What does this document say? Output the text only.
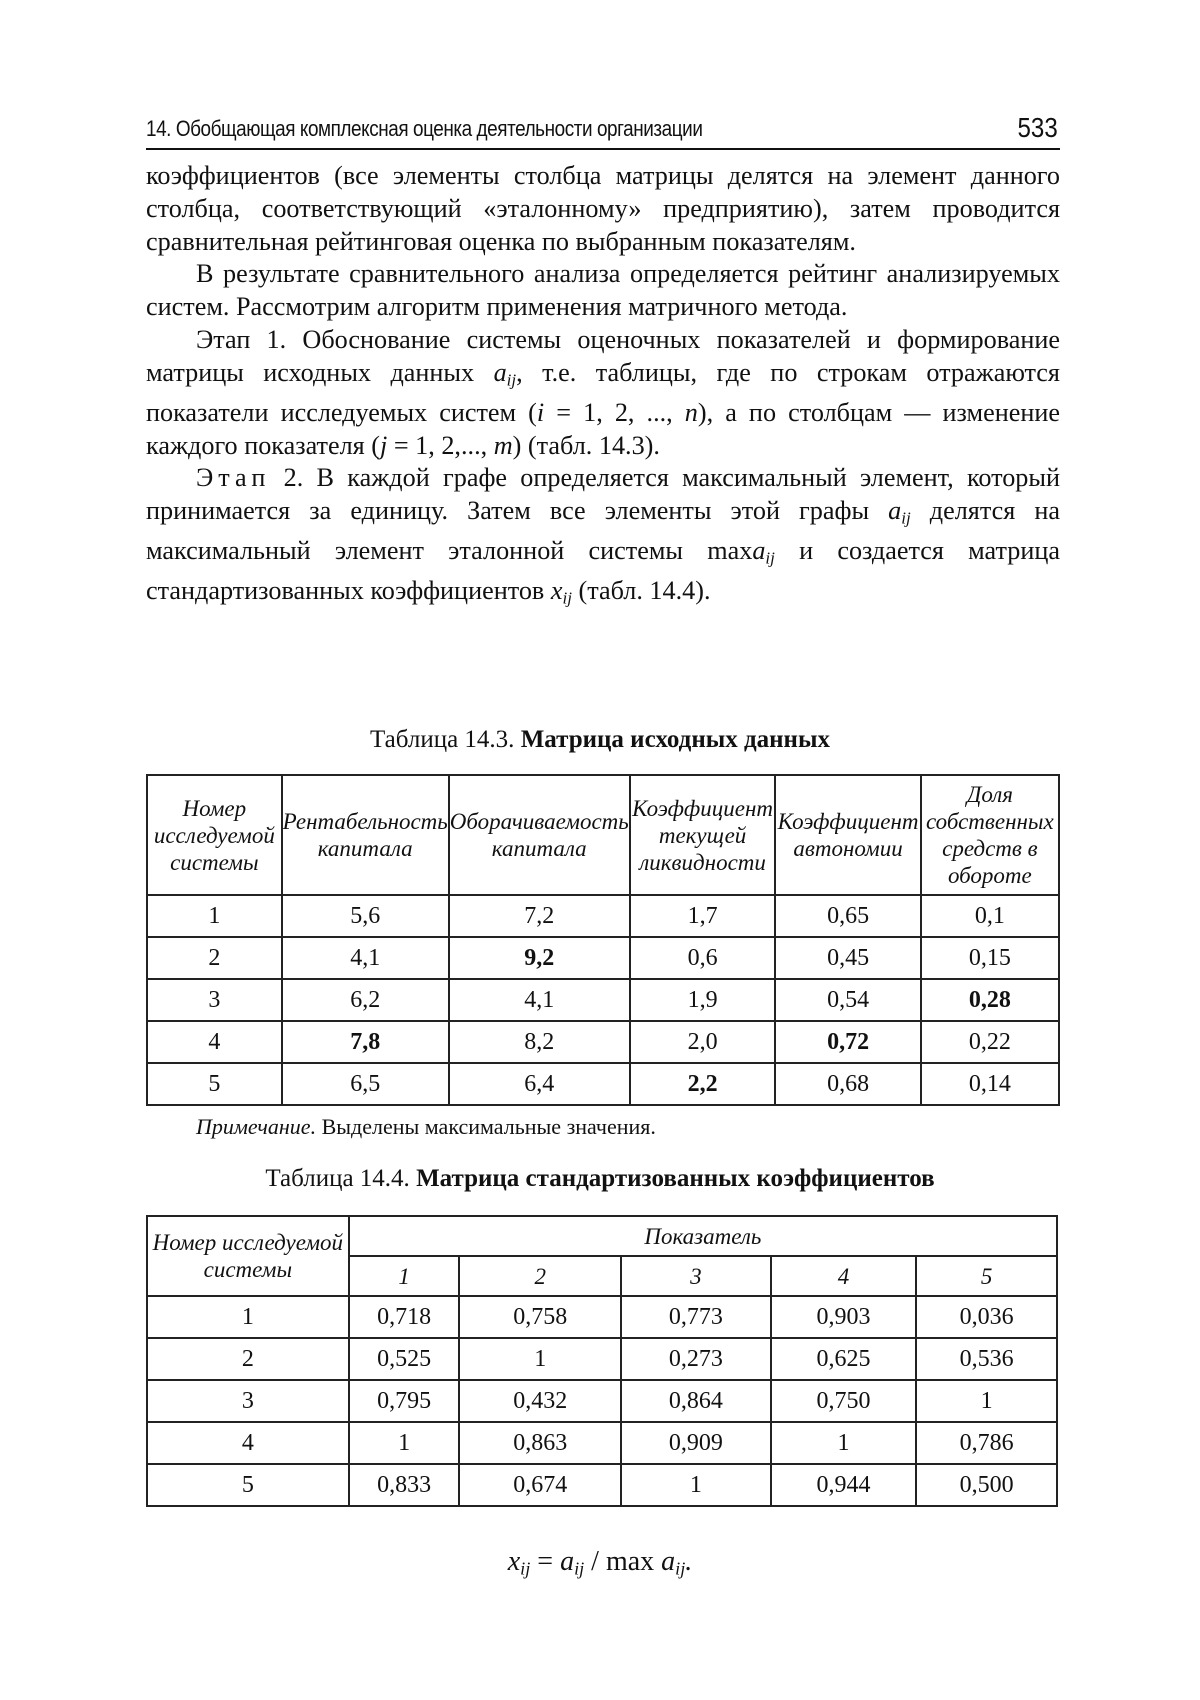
14. Обобщающая комплексная оценка деятельности организации	533

коэффициентов (все элементы столбца матрицы делятся на элемент данного столбца, соответствующий «эталонному» предприятию), затем проводится сравнительная рейтинговая оценка по выбранным показателям.

В результате сравнительного анализа определяется рейтинг анализируемых систем. Рассмотрим алгоритм применения матричного метода.

Этап 1. Обоснование системы оценочных показателей и формирование матрицы исходных данных $a_{ij}$, т.е. таблицы, где по строкам отражаются показатели исследуемых систем (i = 1, 2, ..., n), а по столбцам — изменение каждого показателя (j = 1, 2,..., m) (табл. 14.3).

Этап 2. В каждой графе определяется максимальный элемент, который принимается за единицу. Затем все элементы этой графы $a_{ij}$ делятся на максимальный элемент эталонной системы maxa$_{ij}$ и создается матрица стандартизованных коэффициентов $x_{ij}$ (табл. 14.4).

Таблица 14.3. Матрица исходных данных
Номер исследуемой системы	Рентабельность капитала	Оборачиваемость капитала	Коэффициент текущей ликвидности	Коэффициент автономии	Доля собственных средств в обороте
1	5,6	7,2	1,7	0,65	0,1
2	4,1	9,2	0,6	0,45	0,15
3	6,2	4,1	1,9	0,54	0,28
4	7,8	8,2	2,0	0,72	0,22
5	6,5	6,4	2,2	0,68	0,14
Примечание. Выделены максимальные значения.
Таблица 14.4. Матрица стандартизованных коэффициентов
Номер исследуемой системы	Показатель				
	1	2	3	4	5
1	0,718	0,758	0,773	0,903	0,036
2	0,525	1	0,273	0,625	0,536
3	0,795	0,432	0,864	0,750	1
4	1	0,863	0,909	1	0,786
5	0,833	0,674	1	0,944	0,500
$x_{ij} = a_{ij} / \max a_{ij}$.
